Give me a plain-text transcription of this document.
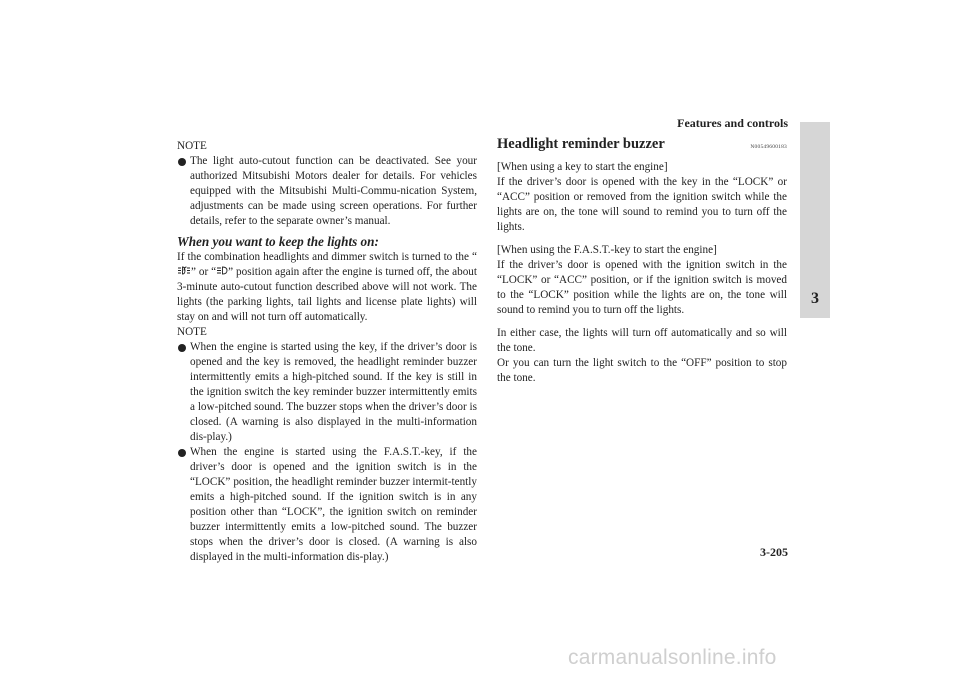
Features and controls
3
NOTE
The light auto-cutout function can be deactivated. See your authorized Mitsubishi Motors dealer for details. For vehicles equipped with the Mitsubishi Multi-Commu-nication System, adjustments can be made using screen operations. For further details, refer to the separate owner’s manual.
When you want to keep the lights on:

If the combination headlights and dimmer switch is turned to the “” or “ ” position again after the engine is turned off, the about 3-minute auto-cutout function described above will not work. The lights (the parking lights, tail lights and license plate lights) will stay on and will not turn off automatically.

NOTE
When the engine is started using the key, if the driver’s door is opened and the key is removed, the headlight reminder buzzer intermittently emits a high-pitched sound. If the key is still in the ignition switch the key reminder buzzer intermittently emits a low-pitched sound. The buzzer stops when the driver’s door is closed. (A warning is also displayed in the multi-information dis-play.)
When the engine is started using the F.A.S.T.-key, if the driver’s door is opened and the ignition switch is in the “LOCK” position, the headlight reminder buzzer intermit-tently emits a high-pitched sound. If the ignition switch is in any position other than “LOCK”, the ignition switch on reminder buzzer intermittently emits a low-pitched sound. The buzzer stops when the driver’s door is closed. (A warning is also displayed in the multi-information dis-play.)
Headlight reminder buzzer	N00549600183

[When using a key to start the engine]

If the driver’s door is opened with the key in the “LOCK” or “ACC” position or removed from the ignition switch while the lights are on, the tone will sound to remind you to turn off the lights.

[When using the F.A.S.T.-key to start the engine]

If the driver’s door is opened with the ignition switch in the “LOCK” or “ACC” position, or if the ignition switch is moved to the “LOCK” position while the lights are on, the tone will sound to remind you to turn off the lights.

In either case, the lights will turn off automatically and so will the tone.

Or you can turn the light switch to the “OFF” position to stop the tone.

3-205
carmanualsonline.info
